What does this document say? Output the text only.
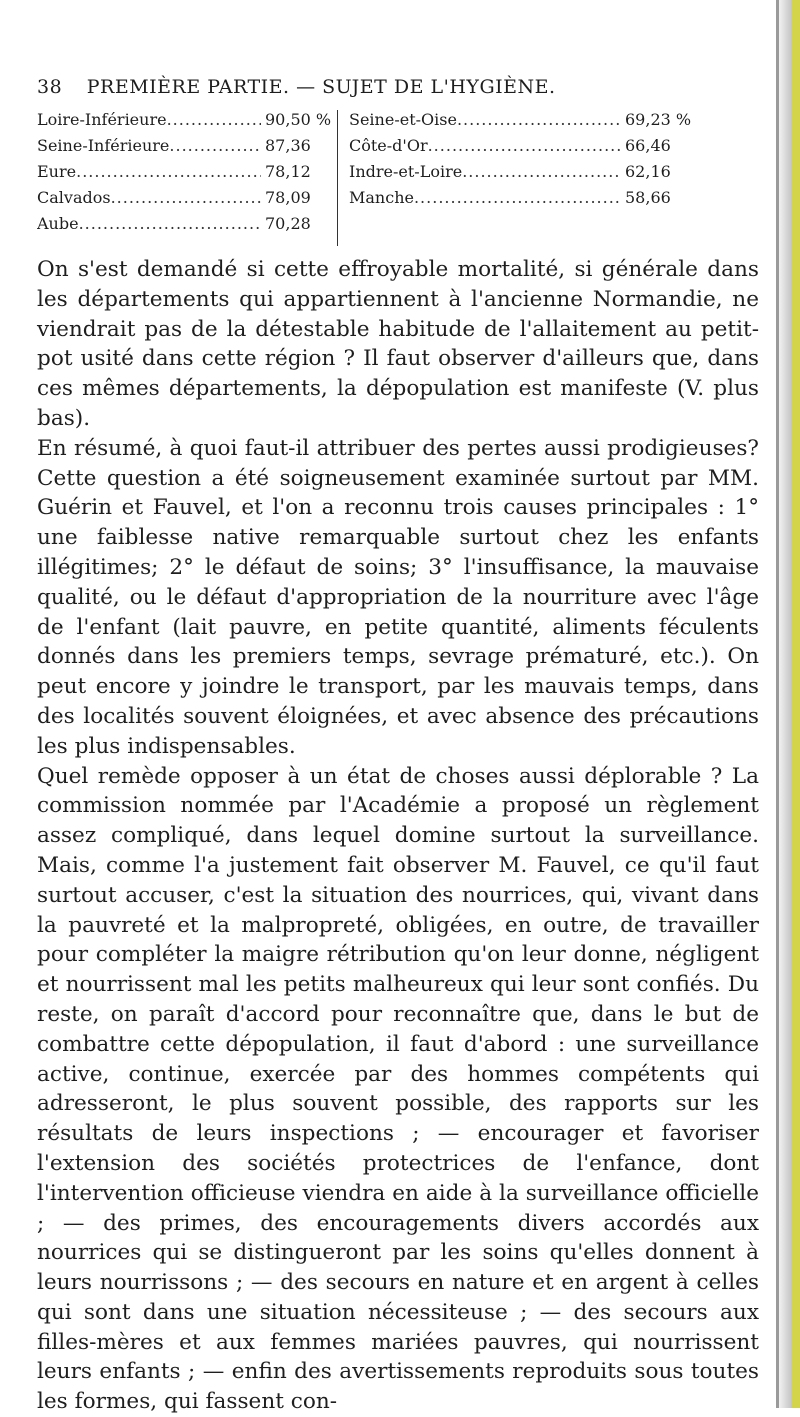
38 PREMIÈRE PARTIE. — SUJET DE L'HYGIÈNE.
Loire-Inférieure .....	90,50 %
Seine-Inférieure .....	87,36
Eure .....	78,12
Calvados .....	78,09
Aube .....	70,28
Seine-et-Oise .....	69,23 %
Côte-d'Or .....	66,46
Indre-et-Loire .....	62,16
Manche .....	58,66

On s'est demandé si cette effroyable mortalité, si générale dans les départements qui appartiennent à l'ancienne Normandie, ne viendrait pas de la détestable habitude de l'allaitement au petit-pot usité dans cette région ? Il faut observer d'ailleurs que, dans ces mêmes départements, la dépopulation est manifeste (V. plus bas).

En résumé, à quoi faut-il attribuer des pertes aussi prodigieuses? Cette question a été soigneusement examinée surtout par MM. Guérin et Fauvel, et l'on a reconnu trois causes principales : 1° une faiblesse native remarquable surtout chez les enfants illégitimes; 2° le défaut de soins; 3° l'insuffisance, la mauvaise qualité, ou le défaut d'appropriation de la nourriture avec l'âge de l'enfant (lait pauvre, en petite quantité, aliments féculents donnés dans les premiers temps, sevrage prématuré, etc.). On peut encore y joindre le transport, par les mauvais temps, dans des localités souvent éloignées, et avec absence des précautions les plus indispensables.

Quel remède opposer à un état de choses aussi déplorable ? La commission nommée par l'Académie a proposé un règlement assez compliqué, dans lequel domine surtout la surveillance. Mais, comme l'a justement fait observer M. Fauvel, ce qu'il faut surtout accuser, c'est la situation des nourrices, qui, vivant dans la pauvreté et la malpropreté, obligées, en outre, de travailler pour compléter la maigre rétribution qu'on leur donne, négligent et nourrissent mal les petits malheureux qui leur sont confiés. Du reste, on paraît d'accord pour reconnaître que, dans le but de combattre cette dépopulation, il faut d'abord : une surveillance active, continue, exercée par des hommes compétents qui adresseront, le plus souvent possible, des rapports sur les résultats de leurs inspections ; — encourager et favoriser l'extension des sociétés protectrices de l'enfance, dont l'intervention officieuse viendra en aide à la surveillance officielle ; — des primes, des encouragements divers accordés aux nourrices qui se distingueront par les soins qu'elles donnent à leurs nourrissons ; — des secours en nature et en argent à celles qui sont dans une situation nécessiteuse ; — des secours aux filles-mères et aux femmes mariées pauvres, qui nourrissent leurs enfants ; — enfin des avertissements reproduits sous toutes les formes, qui fassent con-
